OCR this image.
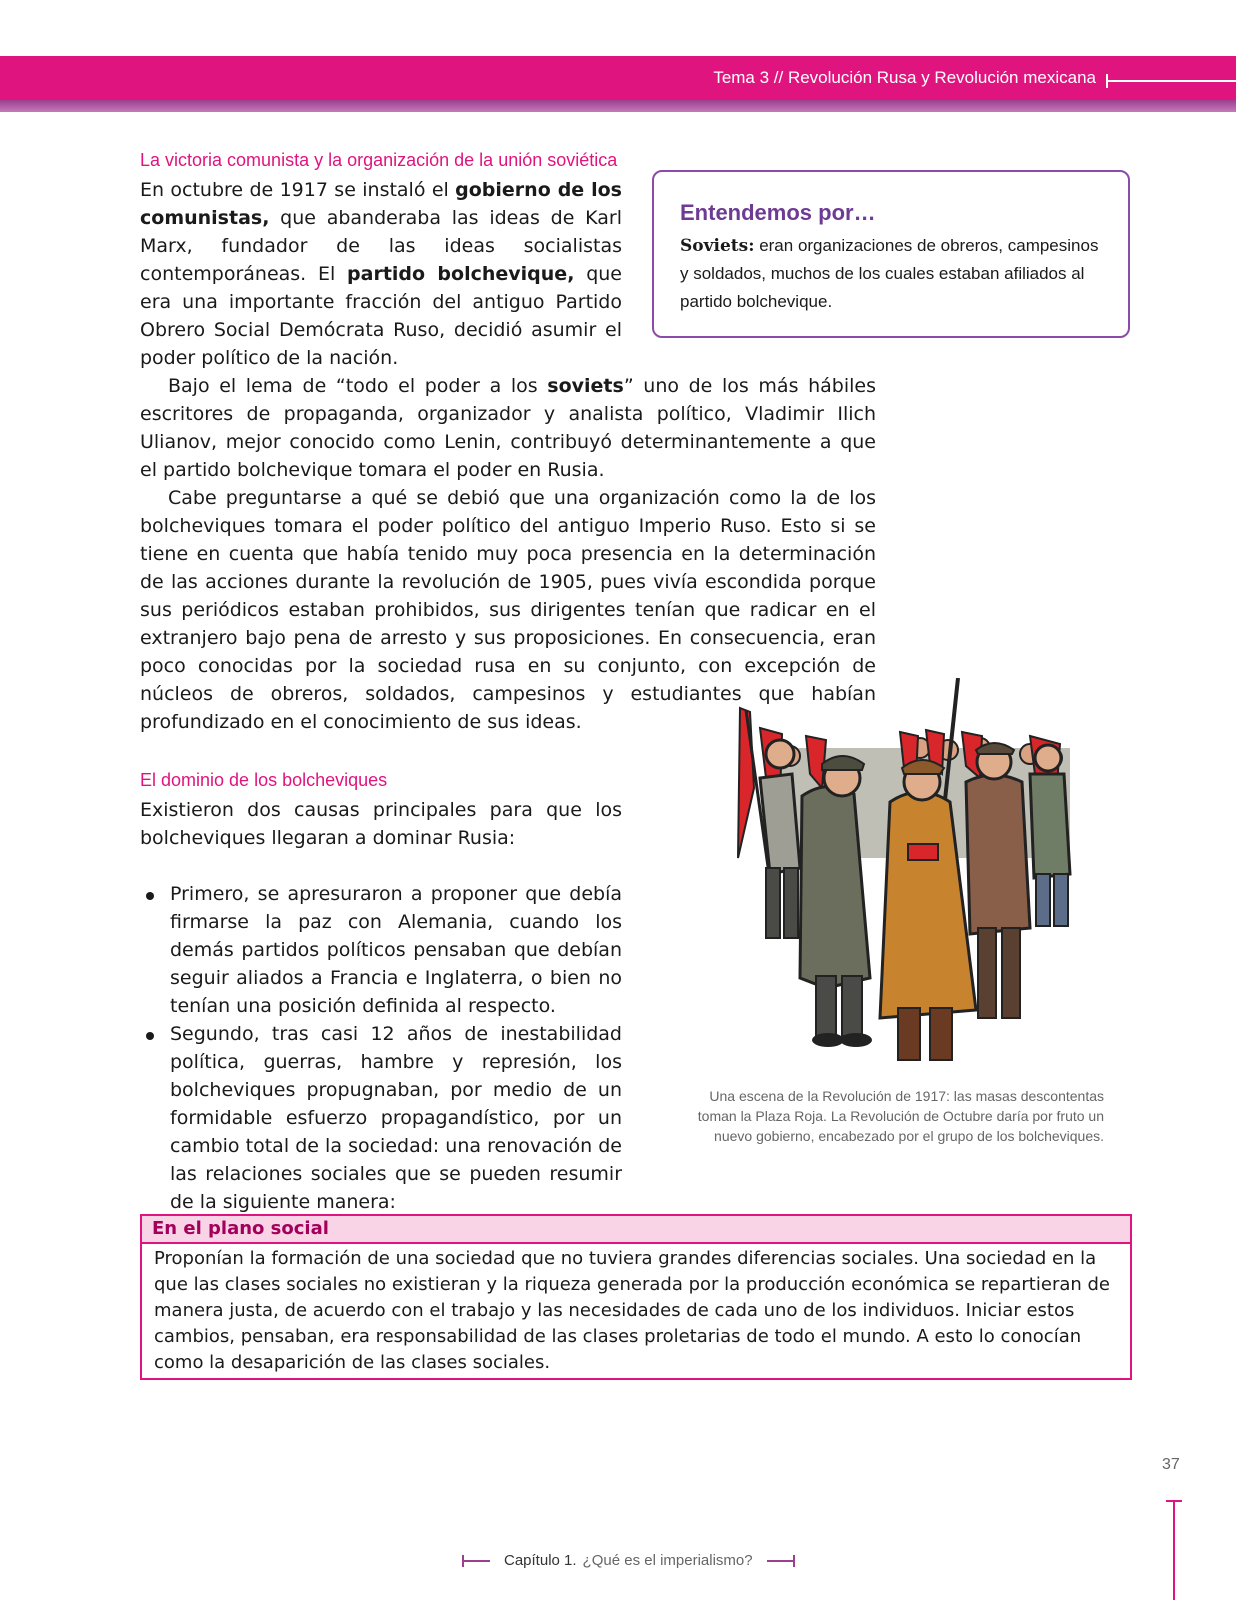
Tema 3 // Revolución Rusa y Revolución mexicana
La victoria comunista y la organización de la unión soviética

En octubre de 1917 se instaló el gobierno de los comunistas, que abanderaba las ideas de Karl Marx, fundador de las ideas socialistas contemporáneas. El partido bolchevique, que era una importante fracción del antiguo Partido Obrero Social Demócrata Ruso, decidió asumir el poder político de la nación.

Bajo el lema de “todo el poder a los soviets” uno de los más hábiles escritores de propaganda, organizador y analista político, Vladimir Ilich Ulianov, mejor conocido como Lenin, contribuyó determinantemente a que el partido bolchevique tomara el poder en Rusia.

Cabe preguntarse a qué se debió que una organización como la de los bolcheviques tomara el poder político del antiguo Imperio Ruso. Esto si se tiene en cuenta que había tenido muy poca presencia en la determinación de las acciones durante la revolución de 1905, pues vivía escondida porque sus periódicos estaban prohibidos, sus dirigentes tenían que radicar en el extranjero bajo pena de arresto y sus proposiciones. En consecuencia, eran poco conocidas por la sociedad rusa en su conjunto, con excepción de núcleos de obreros, soldados, campesinos y estudiantes que habían profundizado en el conocimiento de sus ideas.

Entendemos por…
Soviets: eran organizaciones de obreros, campesinos y soldados, muchos de los cuales estaban afiliados al partido bolchevique.
El dominio de los bolcheviques

Existieron dos causas principales para que los bolcheviques llegaran a dominar Rusia:

Primero, se apresuraron a proponer que debía firmarse la paz con Alemania, cuando los demás partidos políticos pensaban que debían seguir aliados a Francia e Inglaterra, o bien no tenían una posición definida al respecto.
Segundo, tras casi 12 años de inestabilidad política, guerras, hambre y represión, los bolcheviques propugnaban, por medio de un formidable esfuerzo propagandístico, por un cambio total de la sociedad: una renovación de las relaciones sociales que se pueden resumir de la siguiente manera:
Una escena de la Revolución de 1917: las masas descontentas toman la Plaza Roja. La Revolución de Octubre daría por fruto un nuevo gobierno, encabezado por el grupo de los bolcheviques.
En el plano social
Proponían la formación de una sociedad que no tuviera grandes diferencias sociales. Una sociedad en la que las clases sociales no existieran y la riqueza generada por la producción económica se repartieran de manera justa, de acuerdo con el trabajo y las necesidades de cada uno de los individuos. Iniciar estos cambios, pensaban, era responsabilidad de las clases proletarias de todo el mundo. A esto lo conocían como la desaparición de las clases sociales.
37
Capítulo 1. ¿Qué es el imperialismo?
